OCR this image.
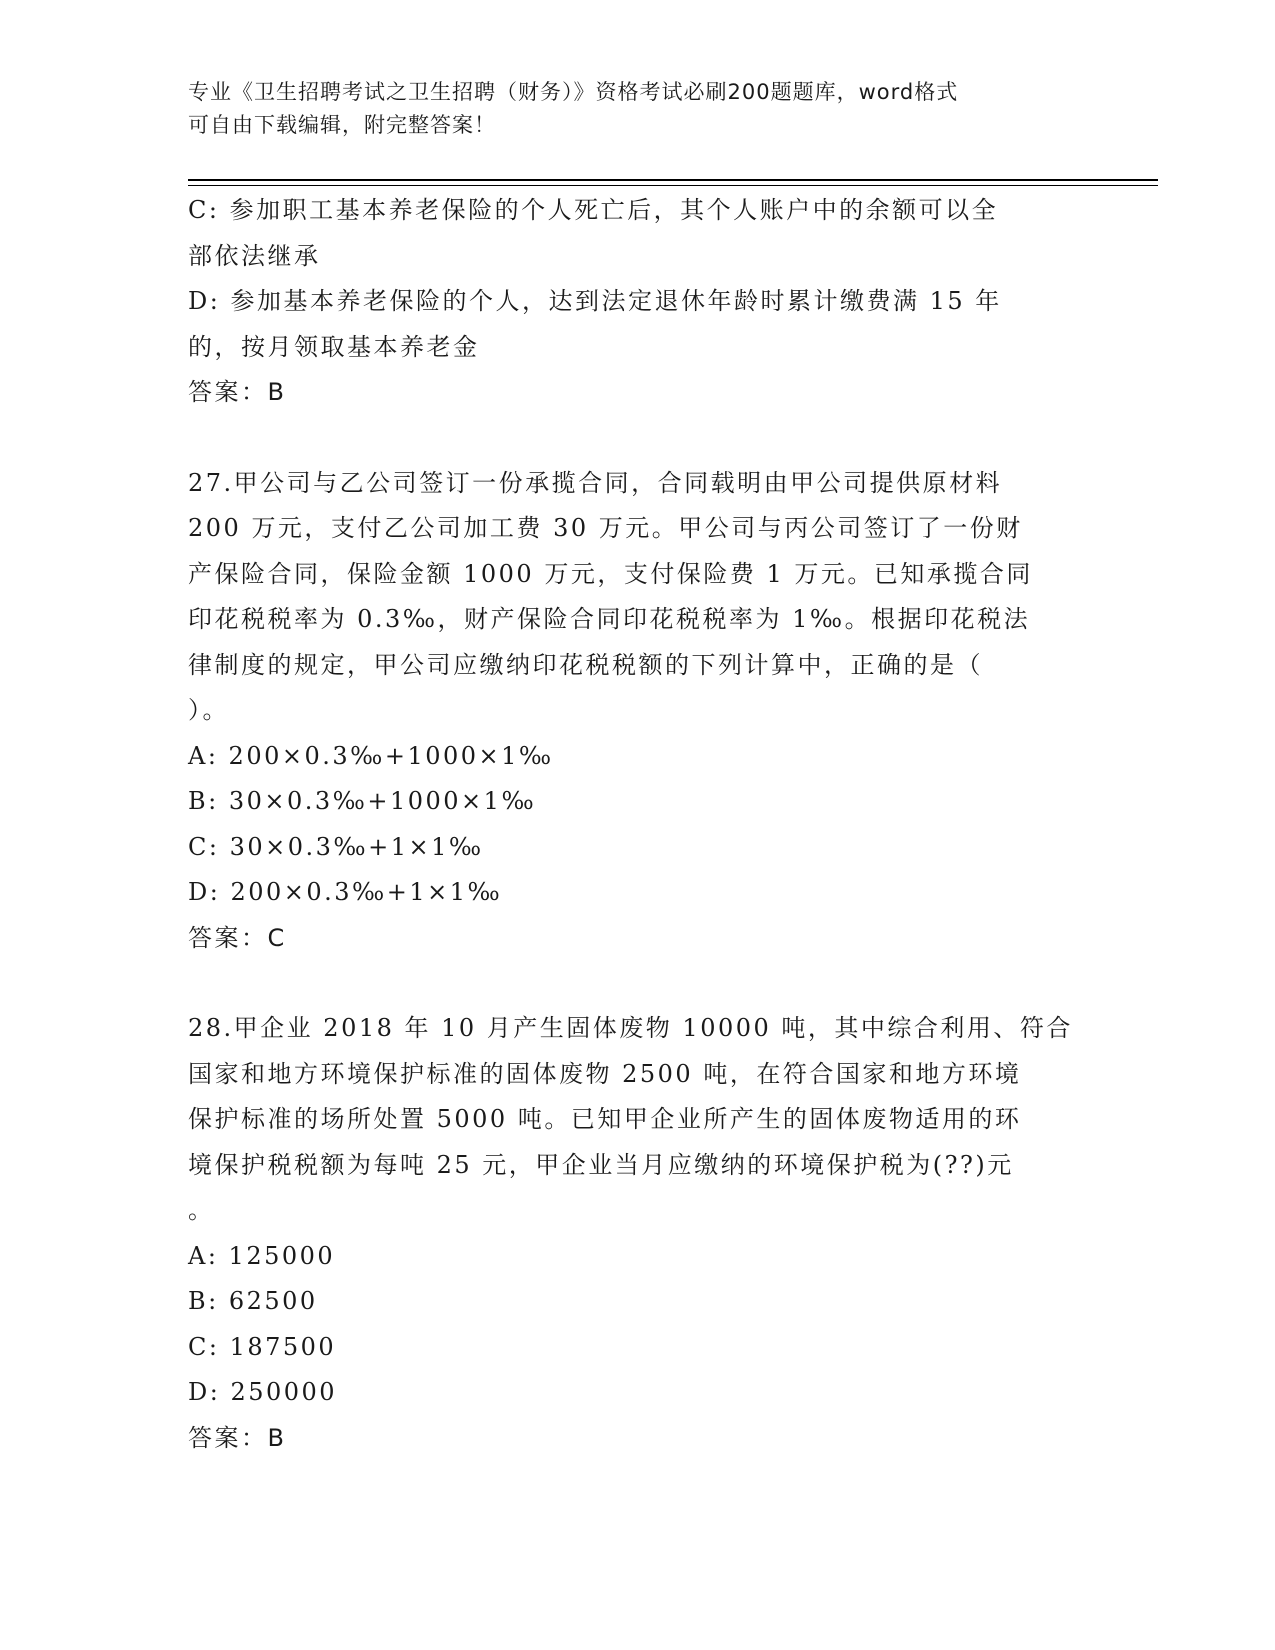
专业《卫生招聘考试之卫生招聘（财务）》资格考试必刷200题题库，word格式
可自由下载编辑，附完整答案！
C: 参加职工基本养老保险的个人死亡后，其个人账户中的余额可以全
部依法继承
D: 参加基本养老保险的个人，达到法定退休年龄时累计缴费满 15 年
的，按月领取基本养老金
答案：B
27.甲公司与乙公司签订一份承揽合同，合同载明由甲公司提供原材料
200 万元，支付乙公司加工费 30 万元。甲公司与丙公司签订了一份财
产保险合同，保险金额 1000 万元，支付保险费 1 万元。已知承揽合同
印花税税率为 0.3‰，财产保险合同印花税税率为 1‰。根据印花税法
律制度的规定，甲公司应缴纳印花税税额的下列计算中，正确的是（
）。
A: 200×0.3‰+1000×1‰
B: 30×0.3‰+1000×1‰
C: 30×0.3‰+1×1‰
D: 200×0.3‰+1×1‰
答案：C
28.甲企业 2018 年 10 月产生固体废物 10000 吨，其中综合利用、符合
国家和地方环境保护标准的固体废物 2500 吨，在符合国家和地方环境
保护标准的场所处置 5000 吨。已知甲企业所产生的固体废物适用的环
境保护税税额为每吨 25 元，甲企业当月应缴纳的环境保护税为(??)元
。
A: 125000
B: 62500
C: 187500
D: 250000
答案：B
